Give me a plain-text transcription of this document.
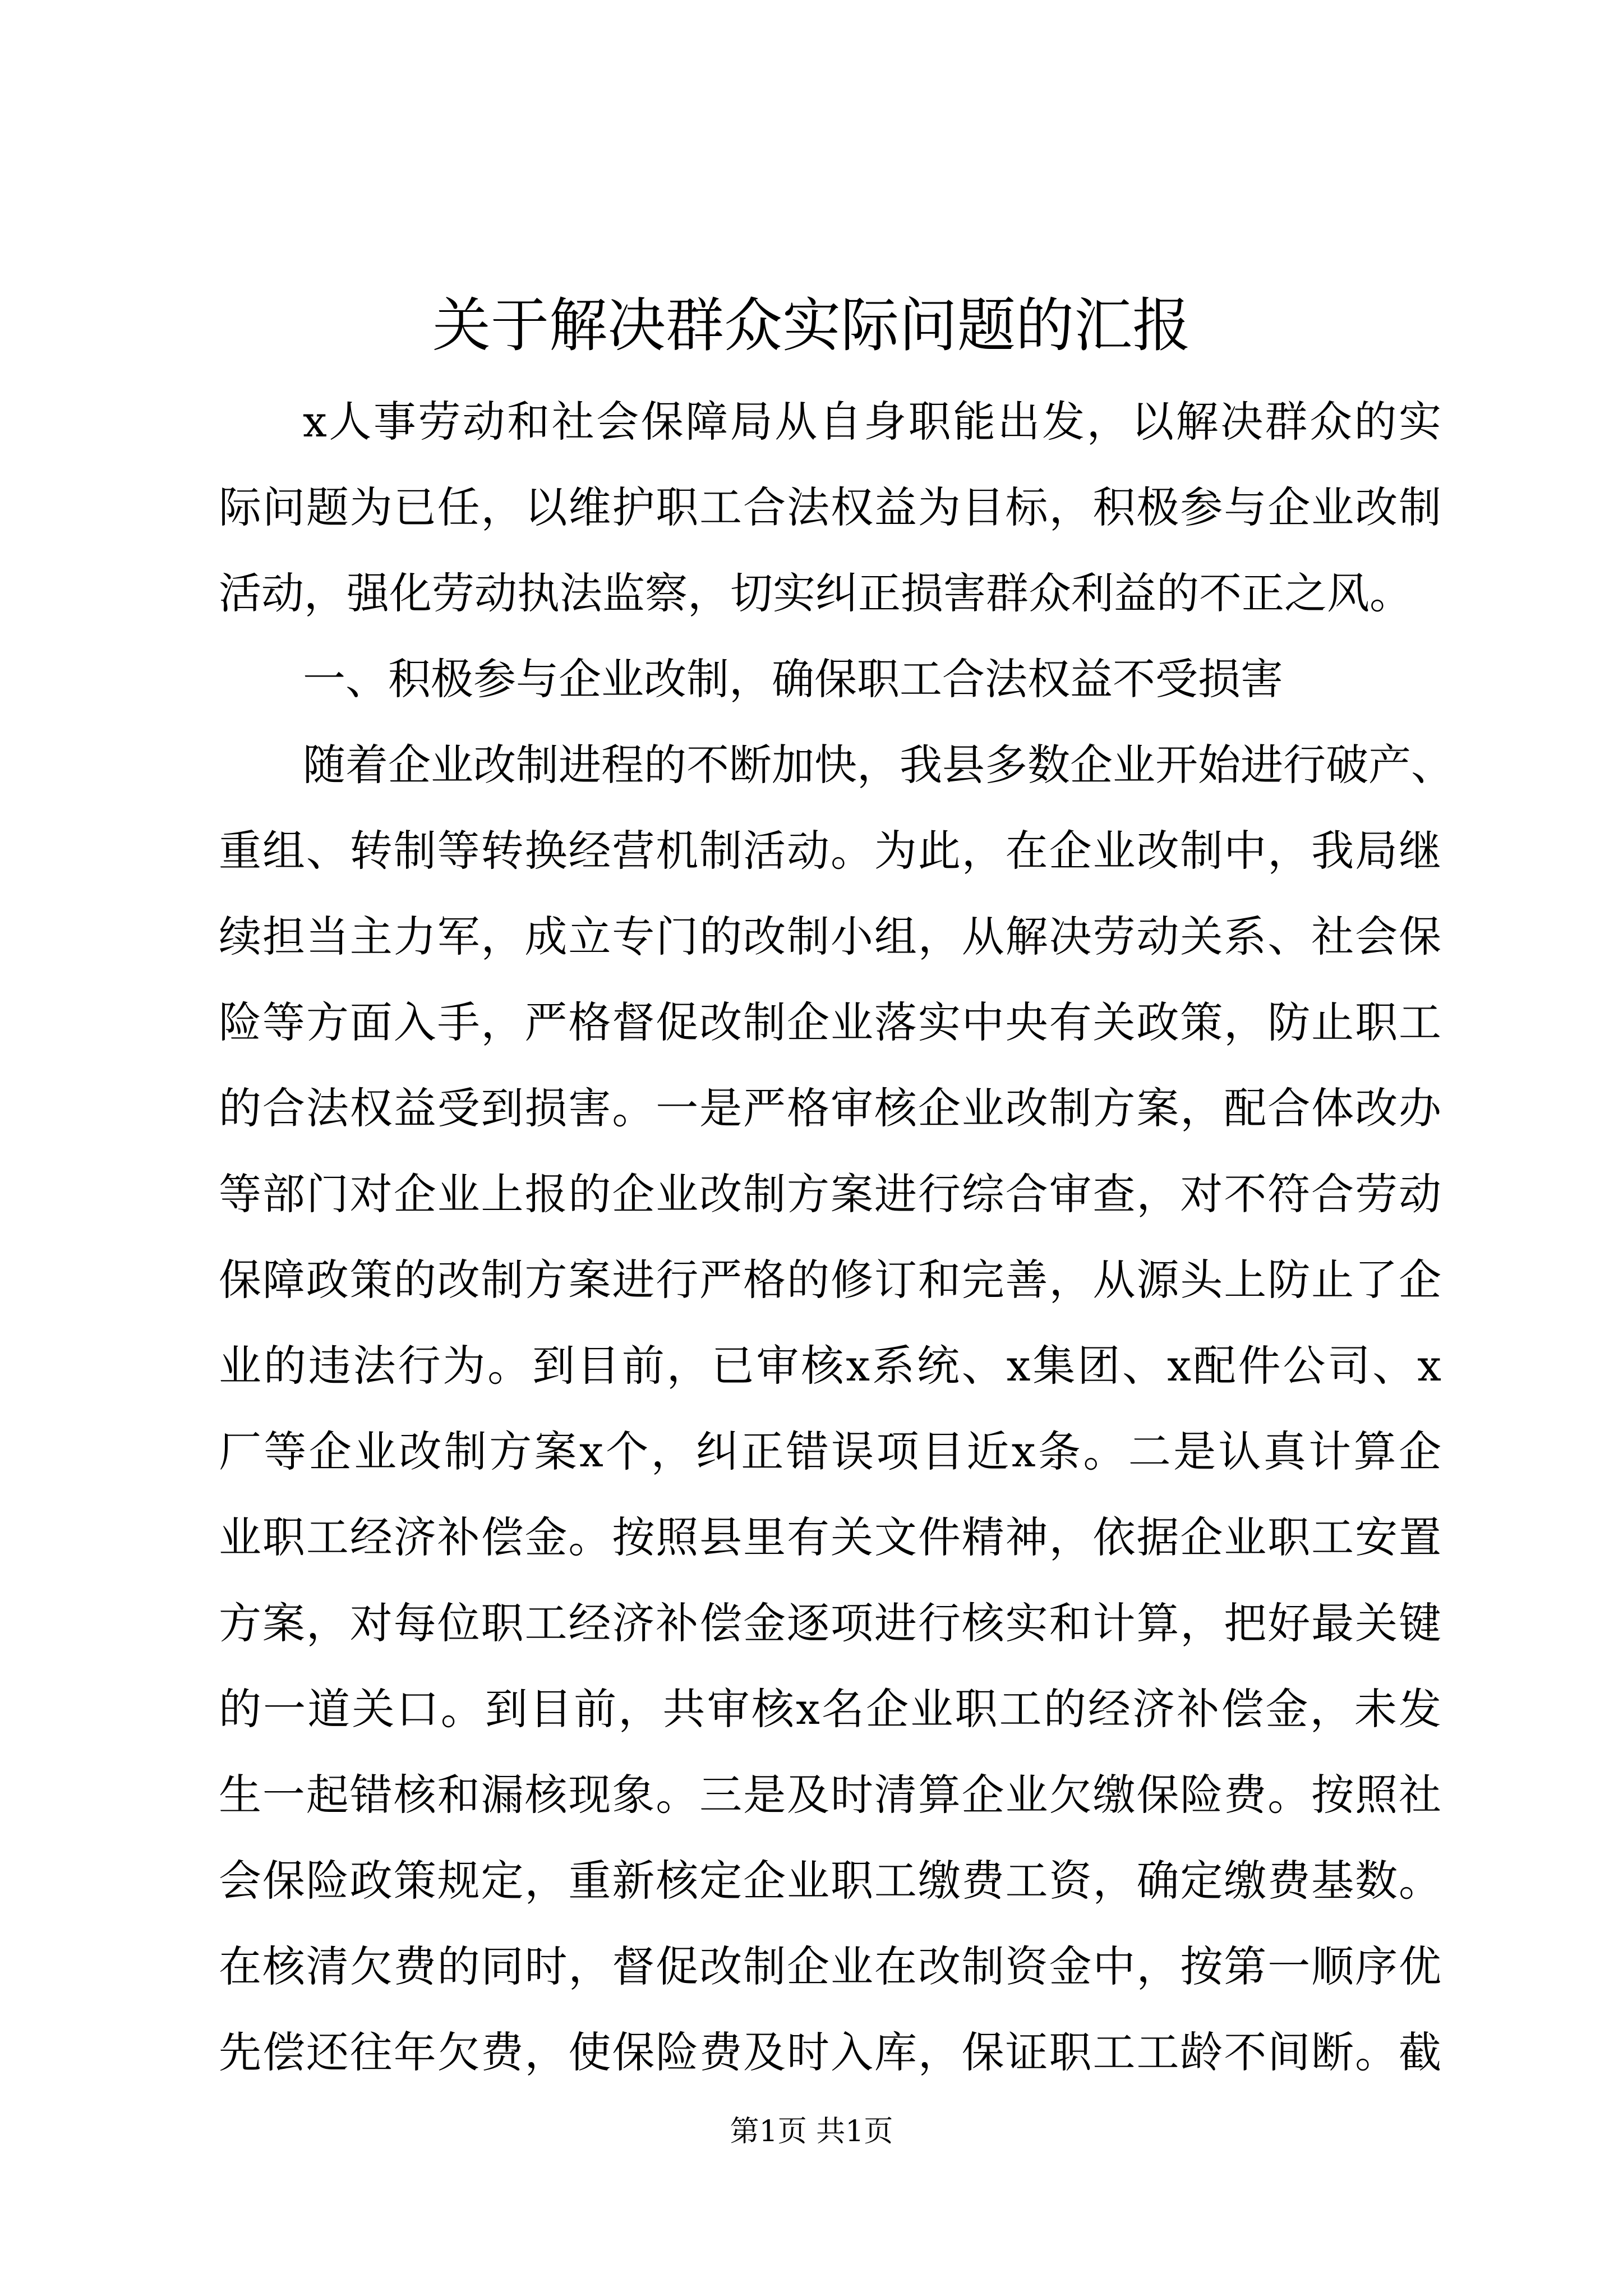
关于解决群众实际问题的汇报
x人事劳动和社会保障局从自身职能出发，以解决群众的实
际问题为已任，以维护职工合法权益为目标，积极参与企业改制
活动，强化劳动执法监察，切实纠正损害群众利益的不正之风。
一、积极参与企业改制，确保职工合法权益不受损害
随着企业改制进程的不断加快，我县多数企业开始进行破产、
重组、转制等转换经营机制活动。为此，在企业改制中，我局继
续担当主力军，成立专门的改制小组，从解决劳动关系、社会保
险等方面入手，严格督促改制企业落实中央有关政策，防止职工
的合法权益受到损害。一是严格审核企业改制方案，配合体改办
等部门对企业上报的企业改制方案进行综合审查，对不符合劳动
保障政策的改制方案进行严格的修订和完善，从源头上防止了企
业的违法行为。到目前，已审核x系统、x集团、x配件公司、x
厂等企业改制方案x个，纠正错误项目近x条。二是认真计算企
业职工经济补偿金。按照县里有关文件精神，依据企业职工安置
方案，对每位职工经济补偿金逐项进行核实和计算，把好最关键
的一道关口。到目前，共审核x名企业职工的经济补偿金，未发
生一起错核和漏核现象。三是及时清算企业欠缴保险费。按照社
会保险政策规定，重新核定企业职工缴费工资，确定缴费基数。
在核清欠费的同时，督促改制企业在改制资金中，按第一顺序优
先偿还往年欠费，使保险费及时入库，保证职工工龄不间断。截
第1页 共1页
